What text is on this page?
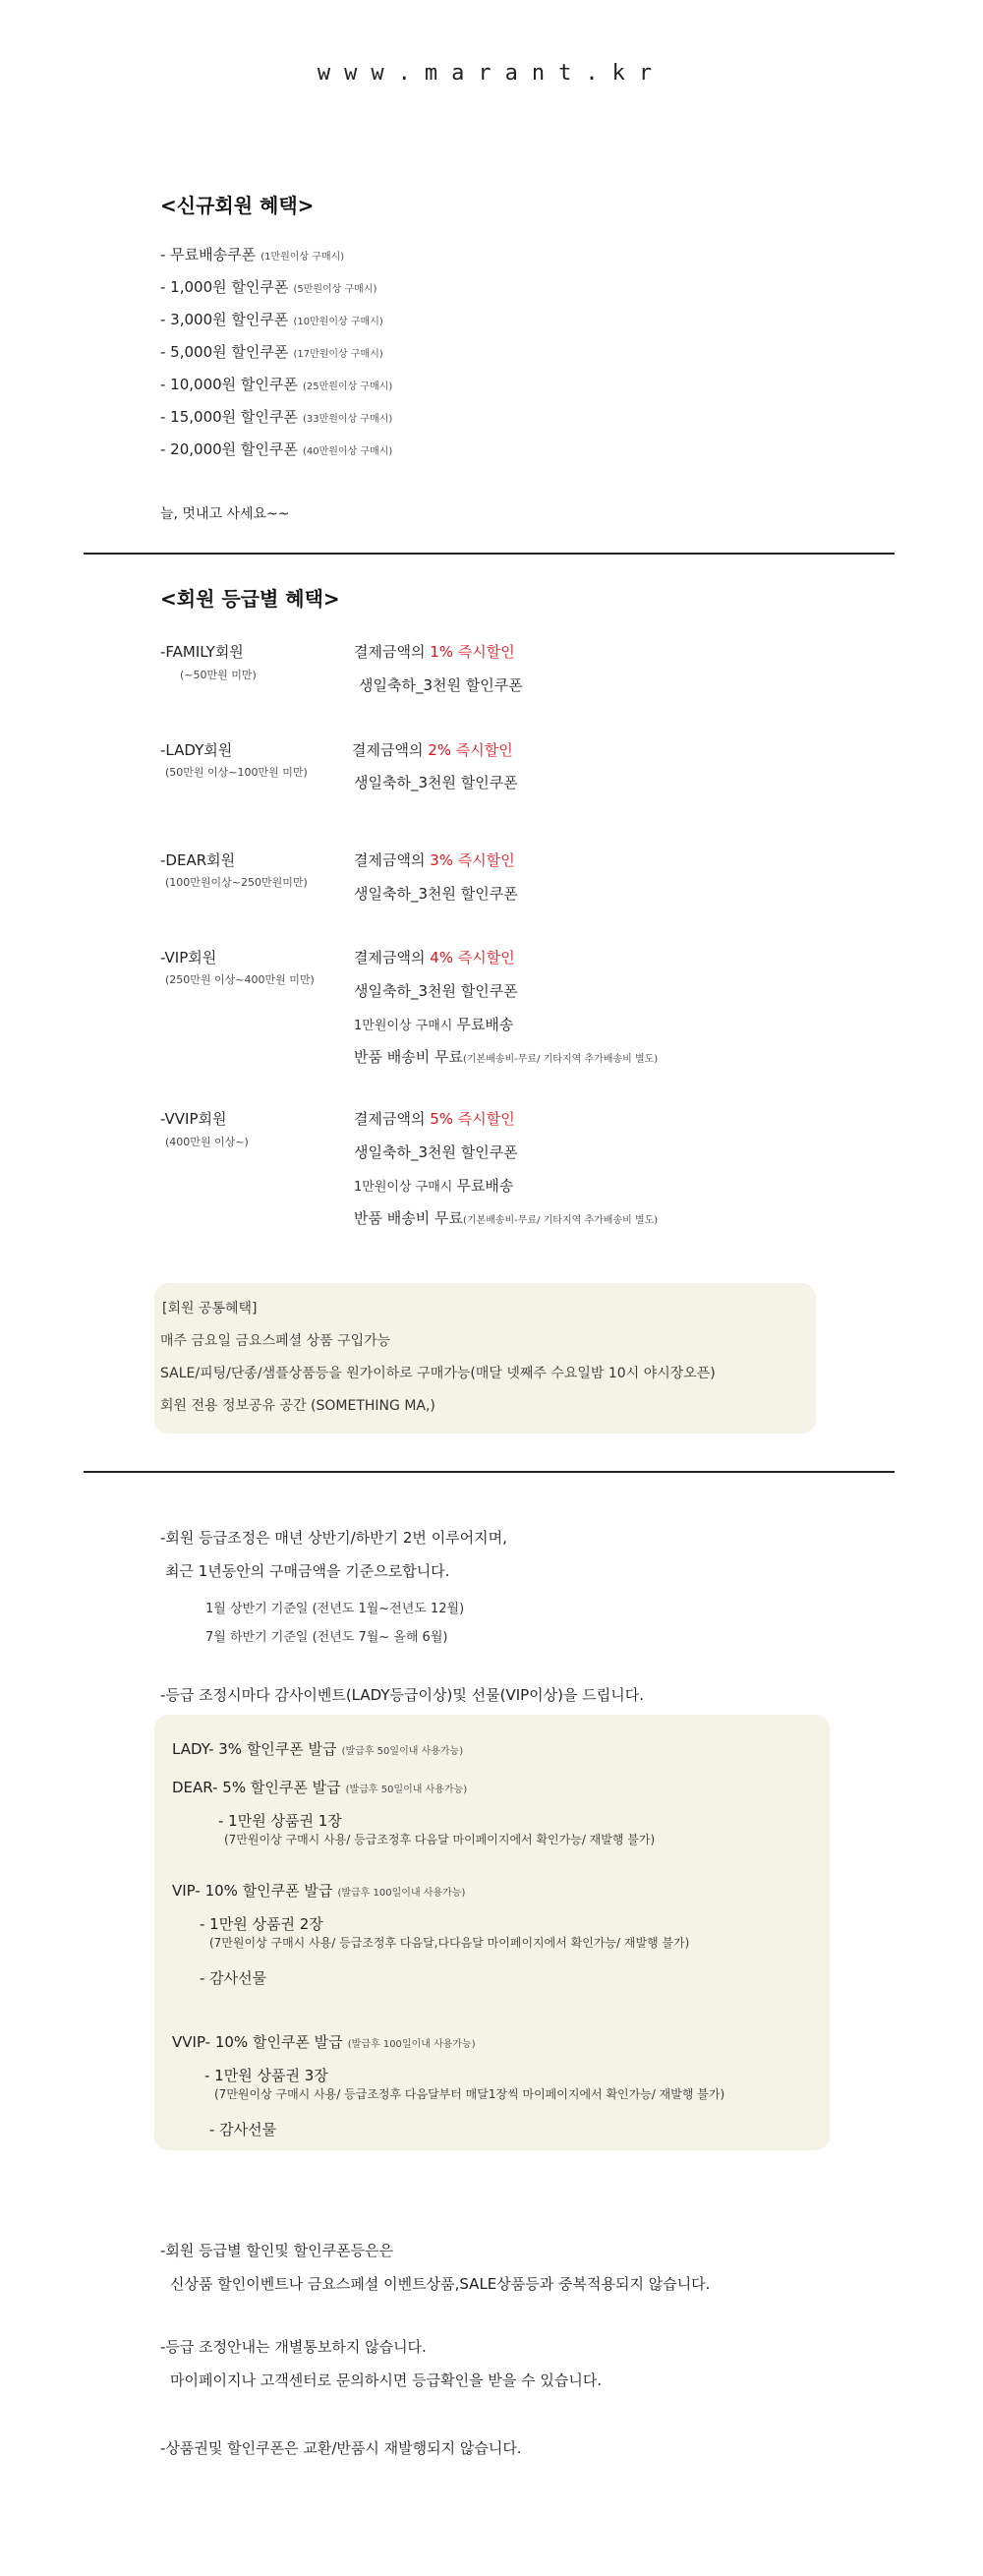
www.marant.kr
<신규회원 혜택>
- 무료배송쿠폰 (1만원이상 구매시)
- 1,000원 할인쿠폰 (5만원이상 구매시)
- 3,000원 할인쿠폰 (10만원이상 구매시)
- 5,000원 할인쿠폰 (17만원이상 구매시)
- 10,000원 할인쿠폰 (25만원이상 구매시)
- 15,000원 할인쿠폰 (33만원이상 구매시)
- 20,000원 할인쿠폰 (40만원이상 구매시)
늘, 멋내고 사세요~~
<회원 등급별 혜택>
-FAMILY회원
(~50만원 미만)
결제금액의 1% 즉시할인
생일축하_3천원 할인쿠폰
-LADY회원
(50만원 이상~100만원 미만)
결제금액의 2% 즉시할인
생일축하_3천원 할인쿠폰
-DEAR회원
(100만원이상~250만원미만)
결제금액의 3% 즉시할인
생일축하_3천원 할인쿠폰
-VIP회원
(250만원 이상~400만원 미만)
결제금액의 4% 즉시할인
생일축하_3천원 할인쿠폰
1만원이상 구매시 무료배송
반품 배송비 무료(기본배송비-무료/ 기타지역 추가배송비 별도)
-VVIP회원
(400만원 이상~)
결제금액의 5% 즉시할인
생일축하_3천원 할인쿠폰
1만원이상 구매시 무료배송
반품 배송비 무료(기본배송비-무료/ 기타지역 추가배송비 별도)
[회원 공통혜택]
매주 금요일 금요스페셜 상품 구입가능
SALE/피팅/단종/샘플상품등을 원가이하로 구매가능(매달 넷째주 수요일밤 10시 야시장오픈)
회원 전용 정보공유 공간 (SOMETHING MA,)
-회원 등급조정은 매년 상반기/하반기 2번 이루어지며,
최근 1년동안의 구매금액을 기준으로합니다.
1월 상반기 기준일 (전년도 1월~전년도 12월)
7월 하반기 기준일 (전년도 7월~ 올해 6월)
-등급 조정시마다 감사이벤트(LADY등급이상)및 선물(VIP이상)을 드립니다.
LADY- 3% 할인쿠폰 발급 (발급후 50일이내 사용가능)
DEAR- 5% 할인쿠폰 발급 (발급후 50일이내 사용가능)
- 1만원 상품권 1장
(7만원이상 구매시 사용/ 등급조정후 다음달 마이페이지에서 확인가능/ 재발행 불가)
VIP- 10% 할인쿠폰 발급 (발급후 100일이내 사용가능)
- 1만원 상품권 2장
(7만원이상 구매시 사용/ 등급조정후 다음달,다다음달 마이페이지에서 확인가능/ 재발행 불가)
- 감사선물
VVIP- 10% 할인쿠폰 발급 (발급후 100일이내 사용가능)
- 1만원 상품권 3장
(7만원이상 구매시 사용/ 등급조정후 다음달부터 매달1장씩 마이페이지에서 확인가능/ 재발행 불가)
- 감사선물
-회원 등급별 할인및 할인쿠폰등은은
신상품 할인이벤트나 금요스페셜 이벤트상품,SALE상품등과 중복적용되지 않습니다.
-등급 조정안내는 개별통보하지 않습니다.
마이페이지나 고객센터로 문의하시면 등급확인을 받을 수 있습니다.
-상품권및 할인쿠폰은 교환/반품시 재발행되지 않습니다.
